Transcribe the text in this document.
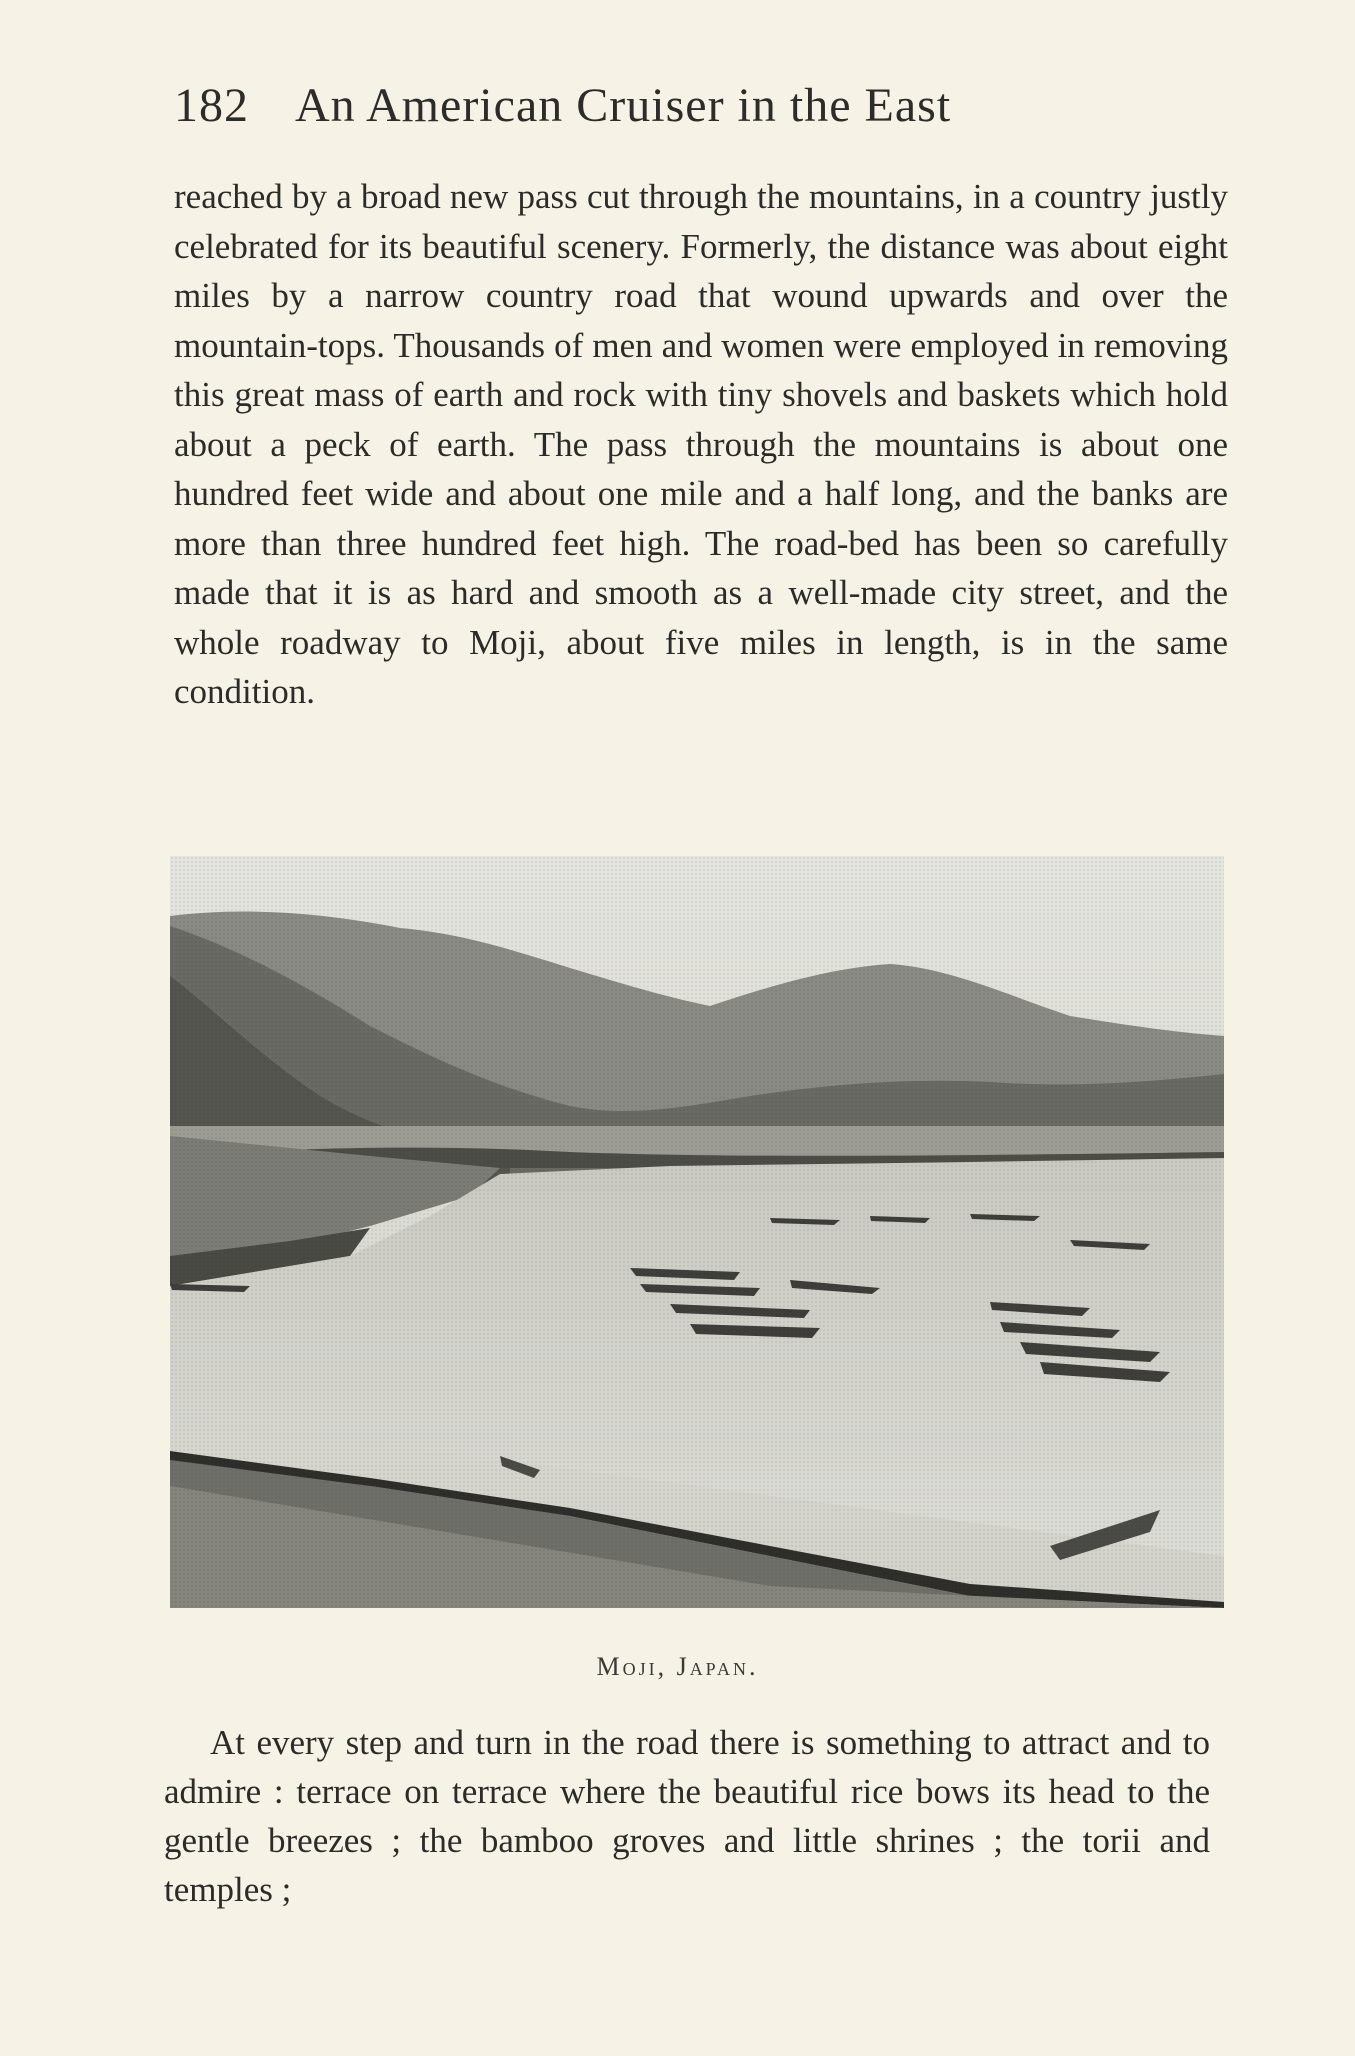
182 An American Cruiser in the East

reached by a broad new pass cut through the mountains, in a country justly celebrated for its beautiful scenery. Formerly, the distance was about eight miles by a narrow country road that wound upwards and over the mountain-tops. Thousands of men and women were employed in removing this great mass of earth and rock with tiny shovels and baskets which hold about a peck of earth. The pass through the mountains is about one hundred feet wide and about one mile and a half long, and the banks are more than three hundred feet high. The road-bed has been so carefully made that it is as hard and smooth as a well-made city street, and the whole roadway to Moji, about five miles in length, is in the same condition.

Moji, Japan.

At every step and turn in the road there is something to attract and to admire : terrace on terrace where the beautiful rice bows its head to the gentle breezes ; the bamboo groves and little shrines ; the torii and temples ;
